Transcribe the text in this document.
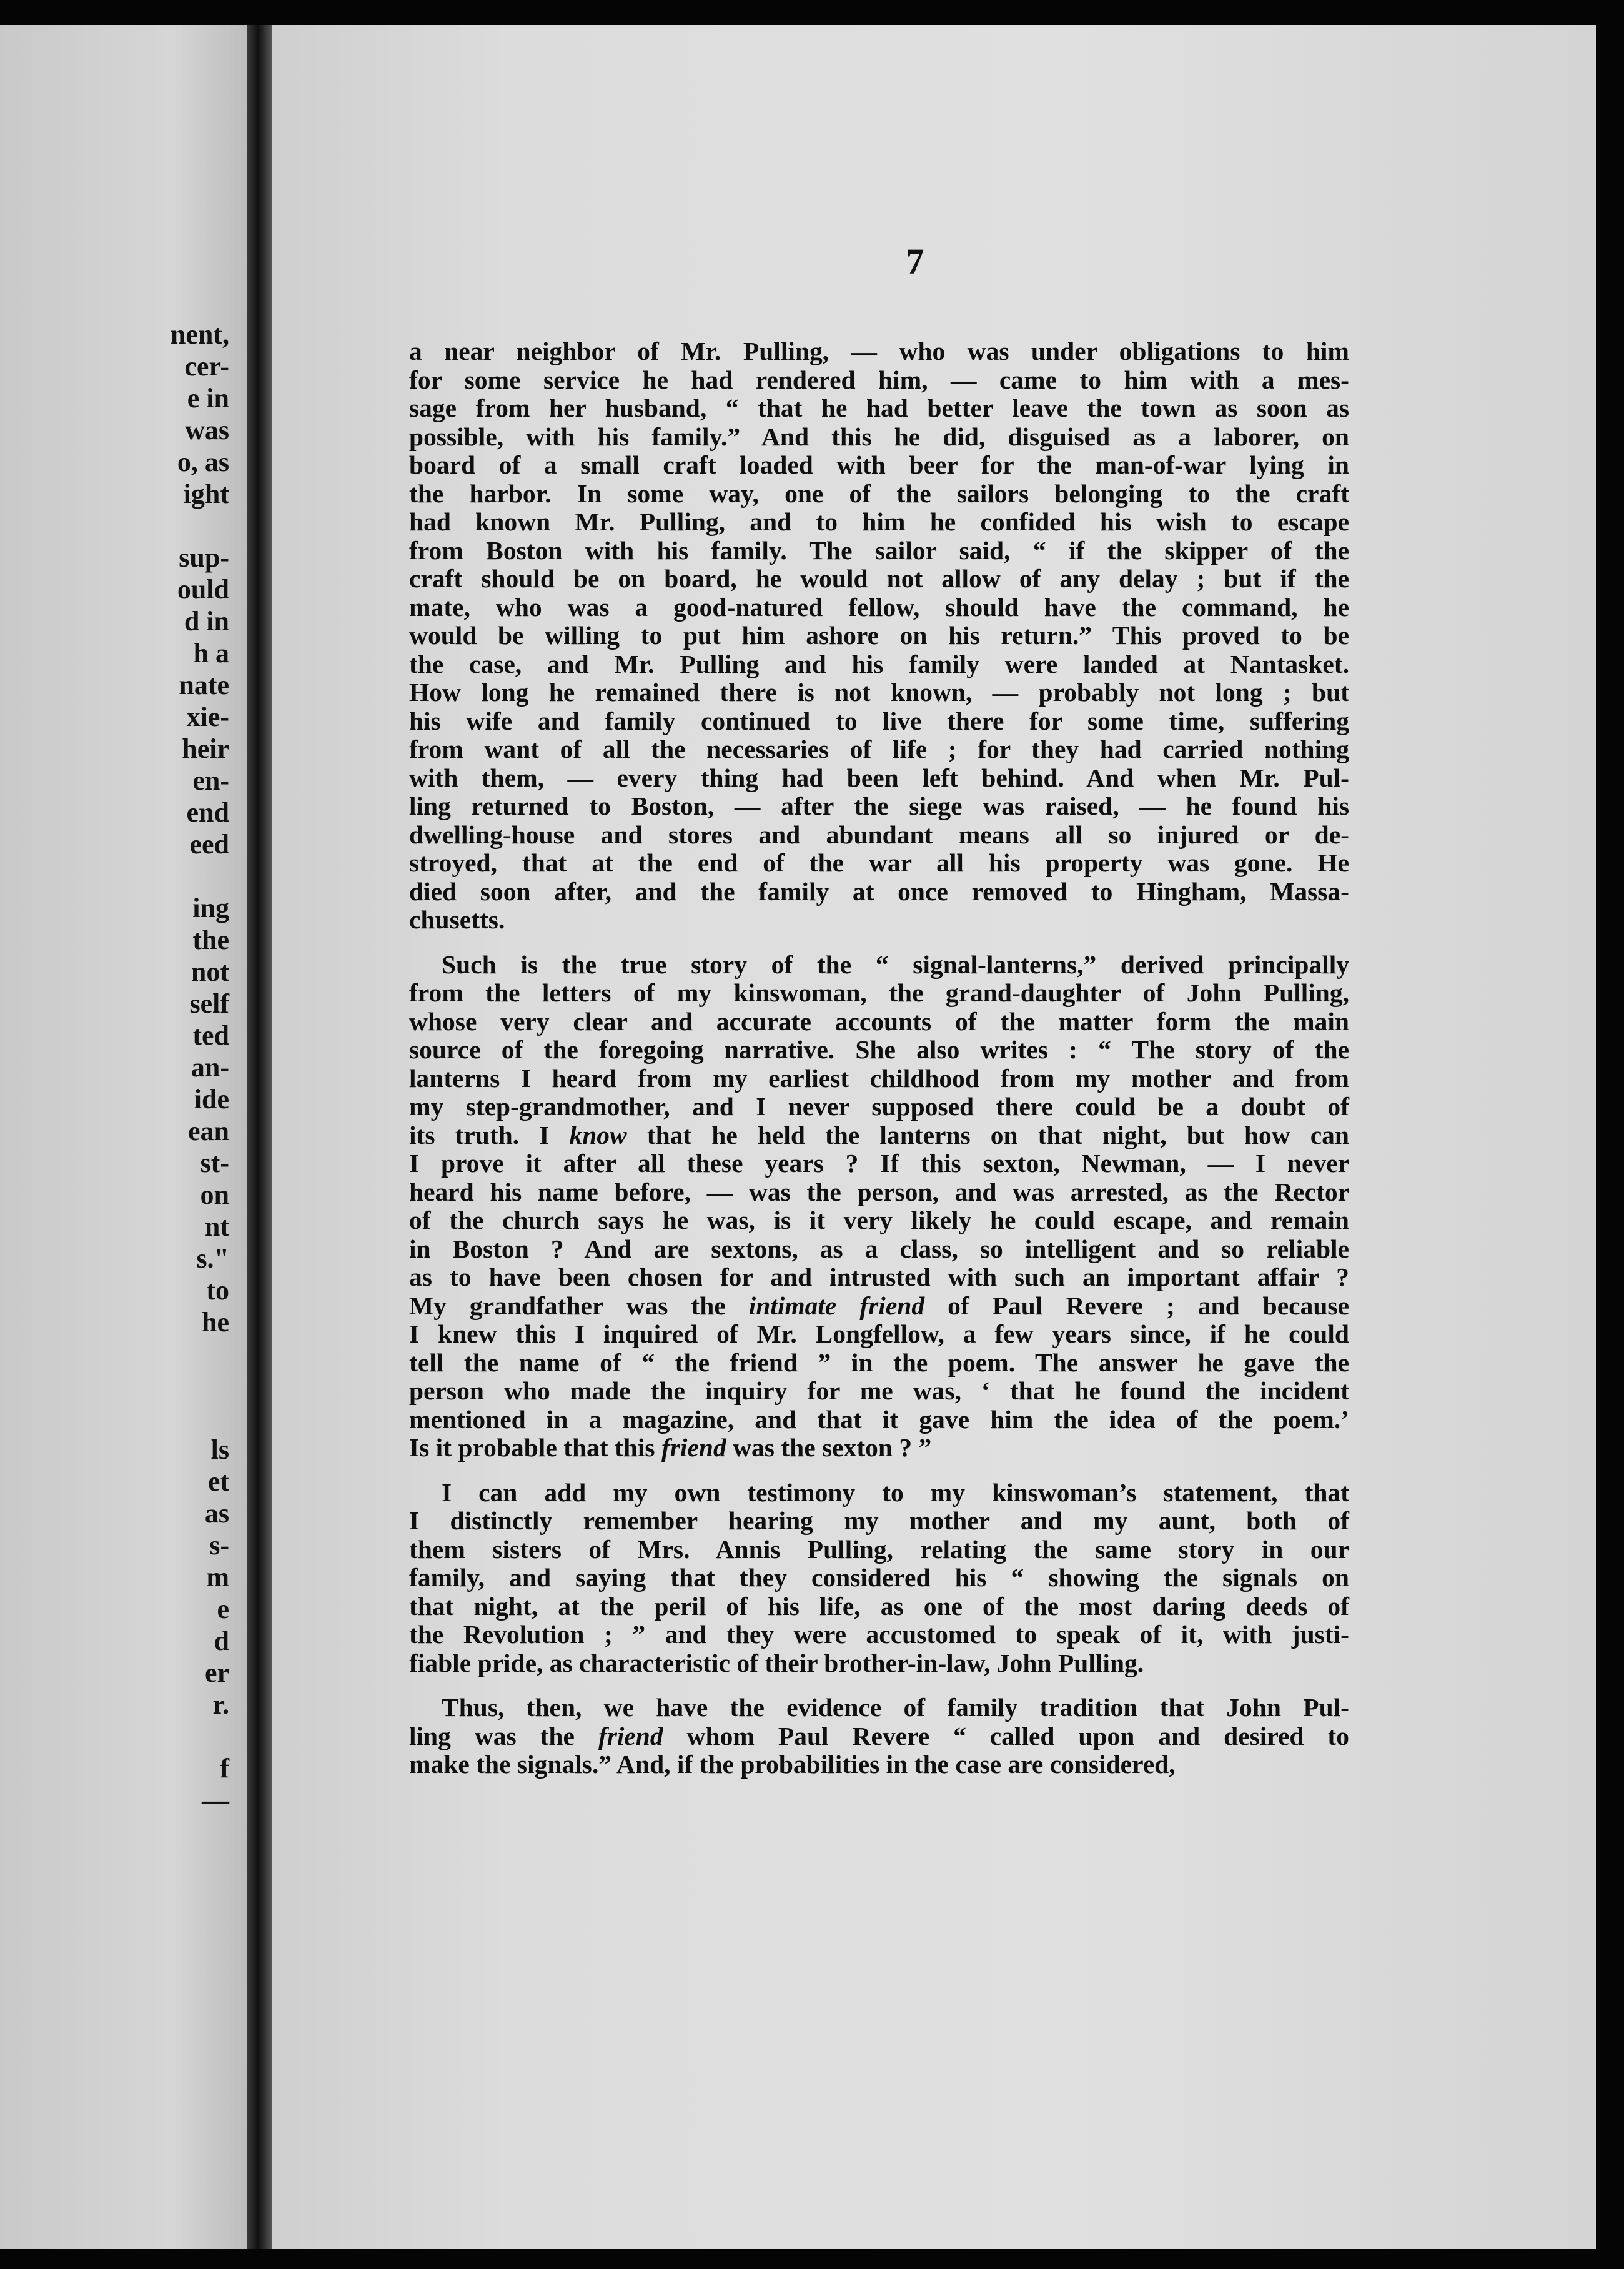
nent,
cer-
e in
was
o, as
ight
sup-
ould
d in
h a
nate
xie-
heir
en-
end
eed
ing
the
not
self
ted
an-
ide
ean
st-
on
nt
s."
to
he
ls
et
as
s-
m
e
d
er
r.
f
—
7
a near neighbor of Mr. Pulling, — who was under obligations to him
for some service he had rendered him, — came to him with a mes-
sage from her husband, “ that he had better leave the town as soon as
possible, with his family.” And this he did, disguised as a laborer, on
board of a small craft loaded with beer for the man-of-war lying in
the harbor. In some way, one of the sailors belonging to the craft
had known Mr. Pulling, and to him he confided his wish to escape
from Boston with his family. The sailor said, “ if the skipper of the
craft should be on board, he would not allow of any delay ; but if the
mate, who was a good-natured fellow, should have the command, he
would be willing to put him ashore on his return.” This proved to be
the case, and Mr. Pulling and his family were landed at Nantasket.
How long he remained there is not known, — probably not long ; but
his wife and family continued to live there for some time, suffering
from want of all the necessaries of life ; for they had carried nothing
with them, — every thing had been left behind. And when Mr. Pul-
ling returned to Boston, — after the siege was raised, — he found his
dwelling-house and stores and abundant means all so injured or de-
stroyed, that at the end of the war all his property was gone. He
died soon after, and the family at once removed to Hingham, Massa-
chusetts.
Such is the true story of the “ signal-lanterns,” derived principally
from the letters of my kinswoman, the grand-daughter of John Pulling,
whose very clear and accurate accounts of the matter form the main
source of the foregoing narrative. She also writes : “ The story of the
lanterns I heard from my earliest childhood from my mother and from
my step-grandmother, and I never supposed there could be a doubt of
its truth. I know that he held the lanterns on that night, but how can
I prove it after all these years ? If this sexton, Newman, — I never
heard his name before, — was the person, and was arrested, as the Rector
of the church says he was, is it very likely he could escape, and remain
in Boston ? And are sextons, as a class, so intelligent and so reliable
as to have been chosen for and intrusted with such an important affair ?
My grandfather was the intimate friend of Paul Revere ; and because
I knew this I inquired of Mr. Longfellow, a few years since, if he could
tell the name of “ the friend ” in the poem. The answer he gave the
person who made the inquiry for me was, ‘ that he found the incident
mentioned in a magazine, and that it gave him the idea of the poem.’
Is it probable that this friend was the sexton ? ”
I can add my own testimony to my kinswoman’s statement, that
I distinctly remember hearing my mother and my aunt, both of
them sisters of Mrs. Annis Pulling, relating the same story in our
family, and saying that they considered his “ showing the signals on
that night, at the peril of his life, as one of the most daring deeds of
the Revolution ; ” and they were accustomed to speak of it, with justi-
fiable pride, as characteristic of their brother-in-law, John Pulling.
Thus, then, we have the evidence of family tradition that John Pul-
ling was the friend whom Paul Revere “ called upon and desired to
make the signals.” And, if the probabilities in the case are considered,
